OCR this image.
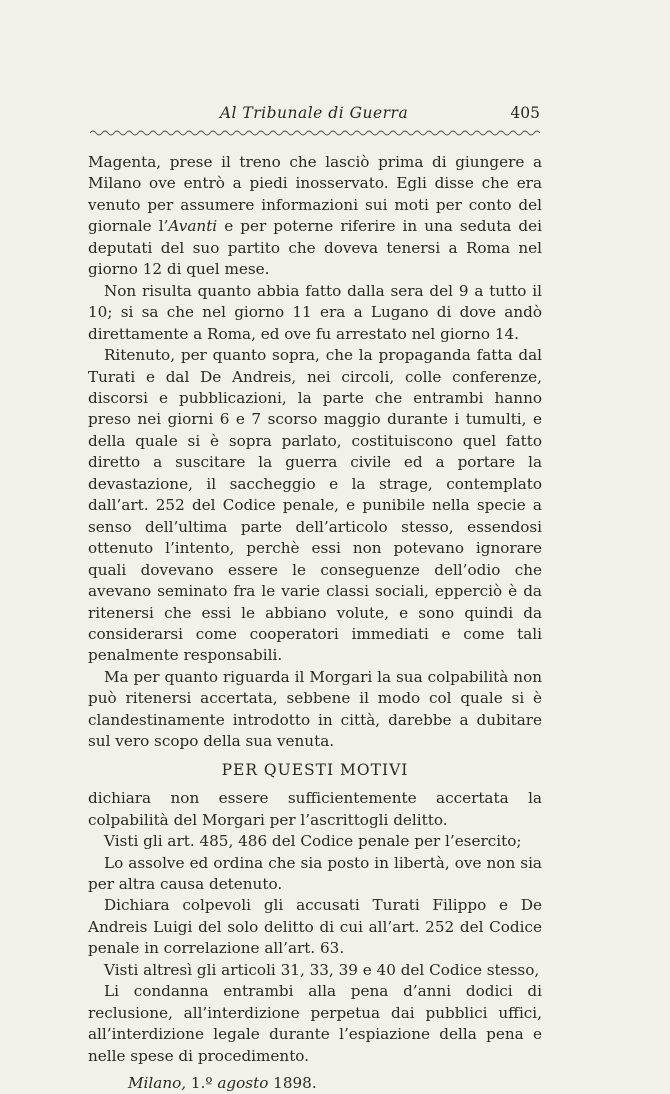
Al Tribunale di Guerra	405

Magenta, prese il treno che lasciò prima di giungere a Milano ove entrò a piedi inosservato. Egli disse che era venuto per assumere informazioni sui moti per conto del giornale l’Avanti e per poterne riferire in una seduta dei deputati del suo partito che doveva tenersi a Roma nel giorno 12 di quel mese.

Non risulta quanto abbia fatto dalla sera del 9 a tutto il 10; si sa che nel giorno 11 era a Lugano di dove andò direttamente a Roma, ed ove fu arrestato nel giorno 14.

Ritenuto, per quanto sopra, che la propaganda fatta dal Turati e dal De Andreis, nei circoli, colle conferenze, discorsi e pubblicazioni, la parte che entrambi hanno preso nei giorni 6 e 7 scorso maggio durante i tumulti, e della quale si è sopra parlato, costituiscono quel fatto diretto a suscitare la guerra civile ed a portare la devastazione, il saccheggio e la strage, contemplato dall’art. 252 del Codice penale, e punibile nella specie a senso dell’ultima parte dell’articolo stesso, essendosi ottenuto l’intento, perchè essi non potevano ignorare quali dovevano essere le conseguenze dell’odio che avevano seminato fra le varie classi sociali, epperciò è da ritenersi che essi le abbiano volute, e sono quindi da considerarsi come cooperatori immediati e come tali penalmente responsabili.

Ma per quanto riguarda il Morgari la sua colpabilità non può ritenersi accertata, sebbene il modo col quale si è clandestinamente introdotto in città, darebbe a dubitare sul vero scopo della sua venuta.

PER QUESTI MOTIVI

dichiara non essere sufficientemente accertata la colpabilità del Morgari per l’ascrittogli delitto.

Visti gli art. 485, 486 del Codice penale per l’esercito;

Lo assolve ed ordina che sia posto in libertà, ove non sia per altra causa detenuto.

Dichiara colpevoli gli accusati Turati Filippo e De Andreis Luigi del solo delitto di cui all’art. 252 del Codice penale in correlazione all’art. 63.

Visti altresì gli articoli 31, 33, 39 e 40 del Codice stesso,

Li condanna entrambi alla pena d’anni dodici di reclusione, all’interdizione perpetua dai pubblici uffici, all’interdizione legale durante l’espiazione della pena e nelle spese di procedimento.

Milano, 1.º agosto 1898.
